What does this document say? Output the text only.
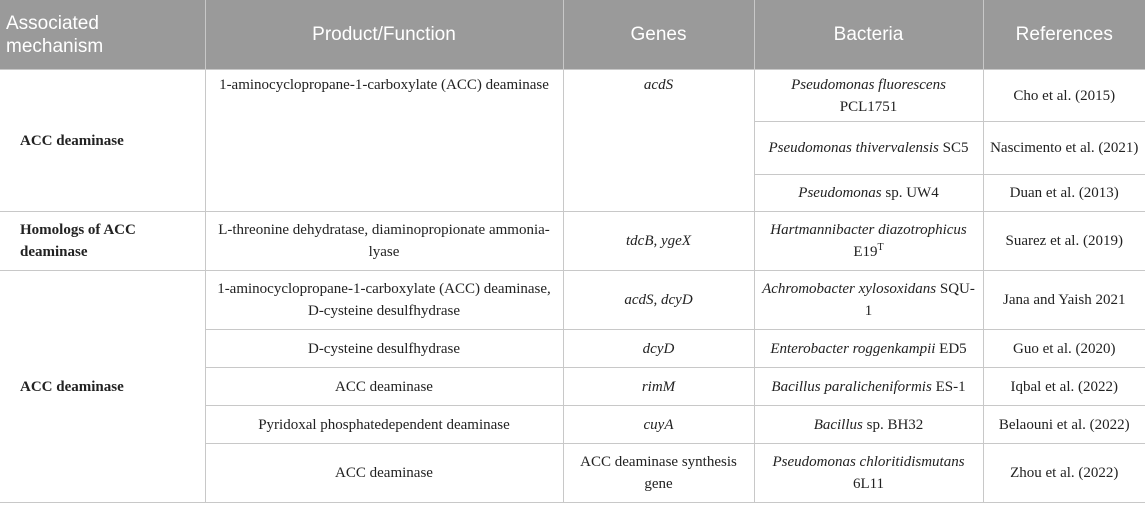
Associated mechanism	Product/Function	Genes	Bacteria	References
ACC deaminase	1-aminocyclopropane-1-carboxylate (ACC) deaminase	acdS	Pseudomonas fluorescens PCL1751	Cho et al. (2015)
			Pseudomonas thivervalensis SC5	Nascimento et al. (2021)
			Pseudomonas sp. UW4	Duan et al. (2013)
Homologs of ACC deaminase	L-threonine dehydratase, diaminopropionate ammonia-lyase	tdcB, ygeX	Hartmannibacter diazotrophicus $E19^T$	Suarez et al. (2019)
ACC deaminase	1-aminocyclopropane-1-carboxylate (ACC) deaminase, D-cysteine desulfhydrase	acdS, dcyD	Achromobacter xylosoxidans SQU-1	Jana and Yaish 2021
	D-cysteine desulfhydrase	dcyD	Enterobacter roggenkampii ED5	Guo et al. (2020)
	ACC deaminase	rimM	Bacillus paralicheniformis ES-1	Iqbal et al. (2022)
	Pyridoxal phosphatedependent deaminase	cuyA	Bacillus sp. BH32	Belaouni et al. (2022)
	ACC deaminase	ACC deaminase synthesis gene	Pseudomonas chloritidismutans 6L11	Zhou et al. (2022)
